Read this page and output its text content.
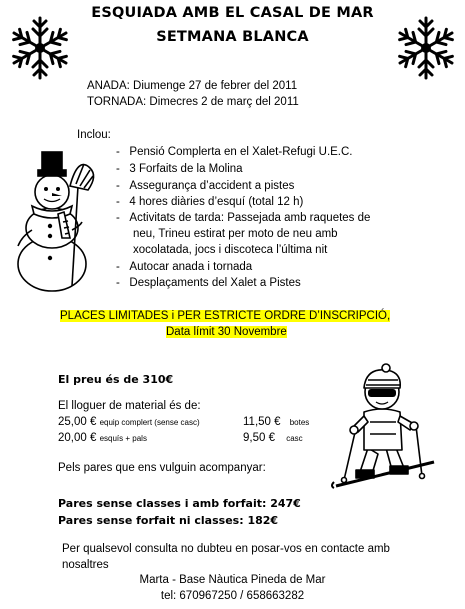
ESQUIADA AMB EL CASAL DE MAR
SETMANA BLANCA
ANADA: Diumenge 27 de febrer del 2011
TORNADA: Dimecres 2 de març del 2011
Inclou:
-   Pensió Complerta en el Xalet-Refugi U.E.C.
-   3 Forfaits de la Molina
-   Assegurança d’accident a pistes
-   4 hores diàries d’esquí (total 12 h)
-   Activitats de tarda: Passejada amb raquetes de
neu, Trineu estirat per moto de neu amb
xocolatada, jocs i discoteca l’última nit
-   Autocar anada i tornada
-   Desplaçaments del Xalet a Pistes
PLACES LIMITADES i PER ESTRICTE ORDRE D’INSCRIPCIÓ,
Data límit 30 Novembre
El preu és de 310€
El lloguer de material és de:
25,00 € equip complert (sense casc)	11,50 € botes
20,00 € esquís + pals	9,50 € casc
Pels pares que ens vulguin acompanyar:
Pares sense classes i amb forfait: 247€
Pares sense forfait ni classes: 182€
Per qualsevol consulta no dubteu en posar-vos en contacte amb
nosaltres
Marta - Base Nàutica Pineda de Mar
tel: 670967250 / 658663282
